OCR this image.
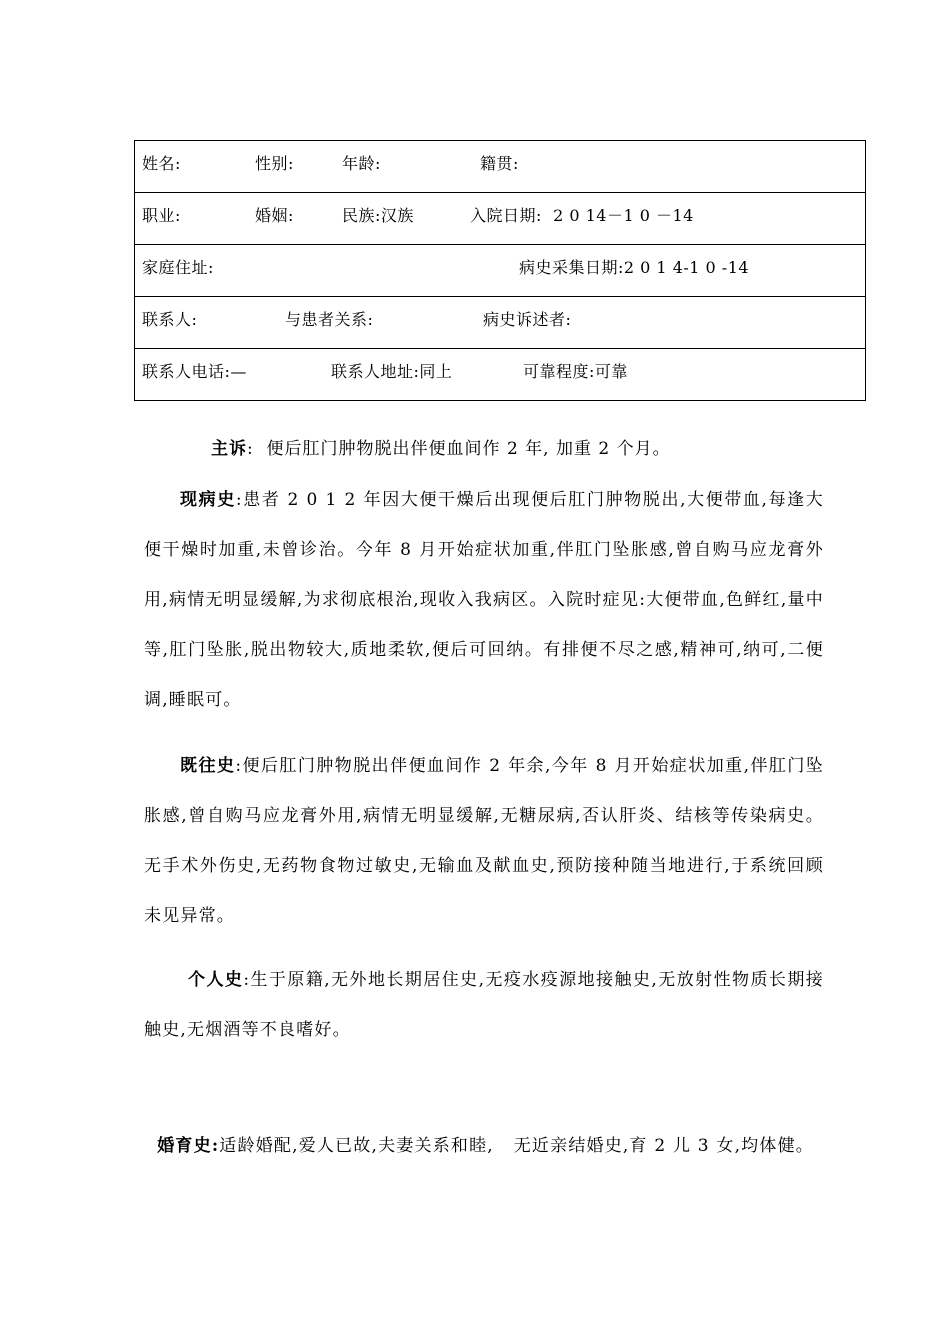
姓名:	性别:	年龄:	籍贯:

职业:	婚姻:	民族:汉族	入院日期:  2 0 14－1 0 －14

家庭住址:	病史采集日期:2 0 1 4-1 0 -14

联系人:	与患者关系:	病史诉述者:

联系人电话:—	联系人地址:同上	可靠程度:可靠
主诉:  便后肛门肿物脱出伴便血间作 2 年, 加重 2 个月。

现病史:患者 2 0 1 2 年因大便干燥后出现便后肛门肿物脱出,大便带血,每逢大便干燥时加重,未曾诊治。今年 8 月开始症状加重,伴肛门坠胀感,曾自购马应龙膏外用,病情无明显缓解,为求彻底根治,现收入我病区。入院时症见:大便带血,色鲜红,量中等,肛门坠胀,脱出物较大,质地柔软,便后可回纳。有排便不尽之感,精神可,纳可,二便调,睡眠可。

既往史:便后肛门肿物脱出伴便血间作 2 年余,今年 8 月开始症状加重,伴肛门坠胀感,曾自购马应龙膏外用,病情无明显缓解,无糖尿病,否认肝炎、结核等传染病史。无手术外伤史,无药物食物过敏史,无输血及献血史,预防接种随当地进行,于系统回顾未见异常。

个人史:生于原籍,无外地长期居住史,无疫水疫源地接触史,无放射性物质长期接触史,无烟酒等不良嗜好。

婚育史:适龄婚配,爱人已故,夫妻关系和睦,   无近亲结婚史,育 2 儿 3 女,均体健。
